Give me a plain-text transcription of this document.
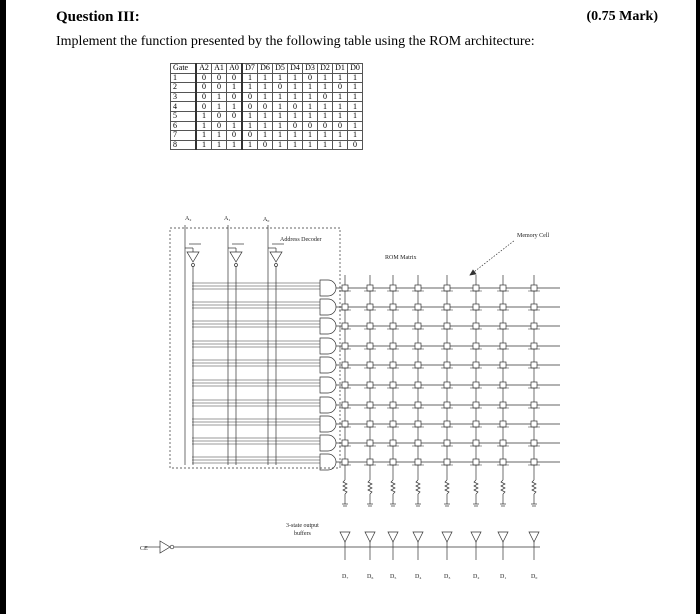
Question III:	(0.75 Mark)
Implement the function presented by the following table using the ROM architecture:
Gate	A2	A1	A0	D7	D6	D5	D4	D3	D2	D1	D0
1	0	0	0	1	1	1	1	0	1	1	1
2	0	0	1	1	1	0	1	1	1	0	1
3	0	1	0	0	1	1	1	1	0	1	1
4	0	1	1	0	0	1	0	1	1	1	1
5	1	0	0	1	1	1	1	1	1	1	1
6	1	0	1	1	1	1	0	0	0	0	1
7	1	1	0	0	1	1	1	1	1	1	1
8	1	1	1	1	0	1	1	1	1	1	0
A₂	A₁	A₀
Address Decoder
ROM Matrix
Memory Cell
3-state output
buffers
CE
D₇	D₆	D₅	D₄	D₃	D₂	D₁	D₀
